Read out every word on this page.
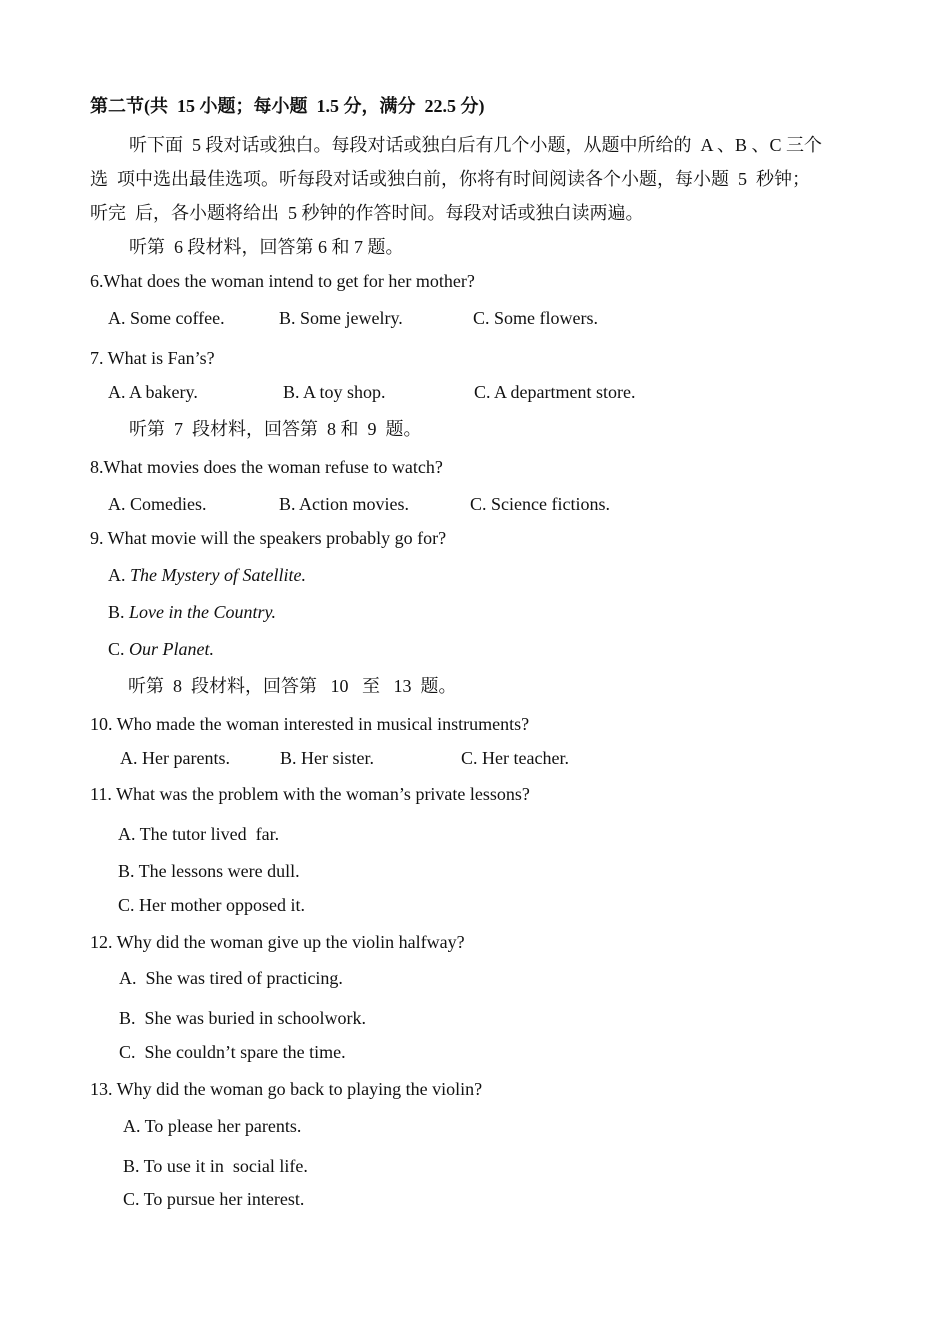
第二节(共  15 小题；每小题  1.5 分，满分  22.5 分)
听下面  5 段对话或独白。每段对话或独白后有几个小题，从题中所给的  A 、B 、C 三个
选  项中选出最佳选项。听每段对话或独白前，你将有时间阅读各个小题，每小题  5  秒钟；
听完  后，各小题将给出  5 秒钟的作答时间。每段对话或独白读两遍。
听第  6 段材料，回答第 6 和 7 题。
6.What does the woman intend to get for her mother?
A. Some coffee.	B. Some jewelry.	C. Some flowers.
7. What is Fan’s?
A. A bakery.	B. A toy shop.	C. A department store.
听第  7  段材料，回答第  8 和  9  题。
8.What movies does the woman refuse to watch?
A. Comedies.	B. Action movies.	C. Science fictions.
9. What movie will the speakers probably go for?
A. The Mystery of Satellite.
B. Love in the Country.
C. Our Planet.
听第  8  段材料，回答第   10   至   13  题。
10. Who made the woman interested in musical instruments?
A. Her parents.	B. Her sister.	C. Her teacher.
11. What was the problem with the woman’s private lessons?
A. The tutor lived  far.
B. The lessons were dull.
C. Her mother opposed it.
12. Why did the woman give up the violin halfway?
A.  She was tired of practicing.
B.  She was buried in schoolwork.
C.  She couldn’t spare the time.
13. Why did the woman go back to playing the violin?
A. To please her parents.
B. To use it in  social life.
C. To pursue her interest.
